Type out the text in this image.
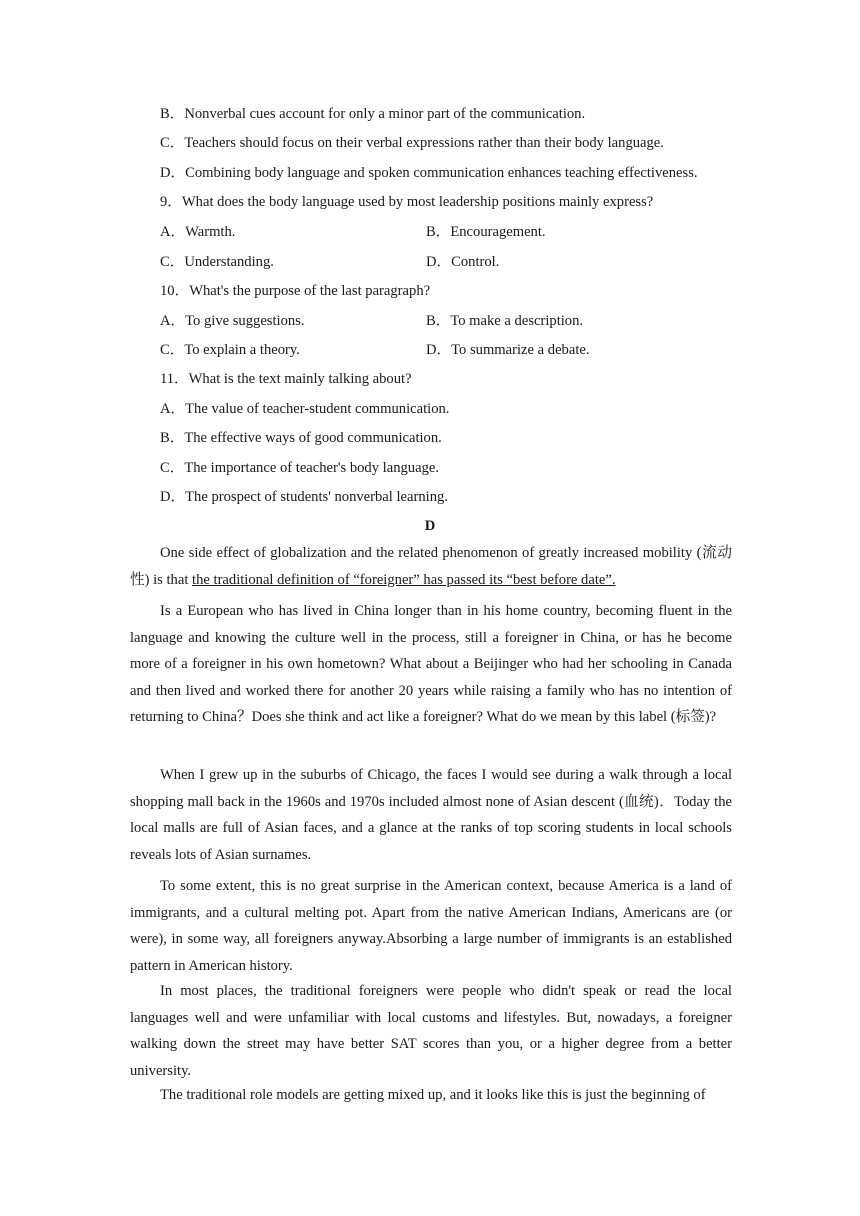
B．Nonverbal cues account for only a minor part of the communication.
C．Teachers should focus on their verbal expressions rather than their body language.
D．Combining body language and spoken communication enhances teaching effectiveness.
9．What does the body language used by most leadership positions mainly express?
A．Warmth.	B．Encouragement.
C．Understanding.	D．Control.
10．What's the purpose of the last paragraph?
A．To give suggestions.	B．To make a description.
C．To explain a theory.	D．To summarize a debate.
11．What is the text mainly talking about?
A．The value of teacher-student communication.
B．The effective ways of good communication.
C．The importance of teacher's body language.
D．The prospect of students' nonverbal learning.
D
One side effect of globalization and the related phenomenon of greatly increased mobility (流动性) is that the traditional definition of “foreigner” has passed its “best before date”.
Is a European who has lived in China longer than in his home country, becoming fluent in the language and knowing the culture well in the process, still a foreigner in China, or has he become more of a foreigner in his own hometown? What about a Beijinger who had her schooling in Canada and then lived and worked there for another 20 years while raising a family who has no intention of returning to China？Does she think and act like a foreigner? What do we mean by this label (标签)?
When I grew up in the suburbs of Chicago, the faces I would see during a walk through a local shopping mall back in the 1960s and 1970s included almost none of Asian descent (血统)．Today the local malls are full of Asian faces, and a glance at the ranks of top scoring students in local schools reveals lots of Asian surnames.
To some extent, this is no great surprise in the American context, because America is a land of immigrants, and a cultural melting pot. Apart from the native American Indians, Americans are (or were), in some way, all foreigners anyway.Absorbing a large number of immigrants is an established pattern in American history.
In most places, the traditional foreigners were people who didn't speak or read the local languages well and were unfamiliar with local customs and lifestyles. But, nowadays, a foreigner walking down the street may have better SAT scores than you, or a higher degree from a better university.
The traditional role models are getting mixed up, and it looks like this is just the beginning of
